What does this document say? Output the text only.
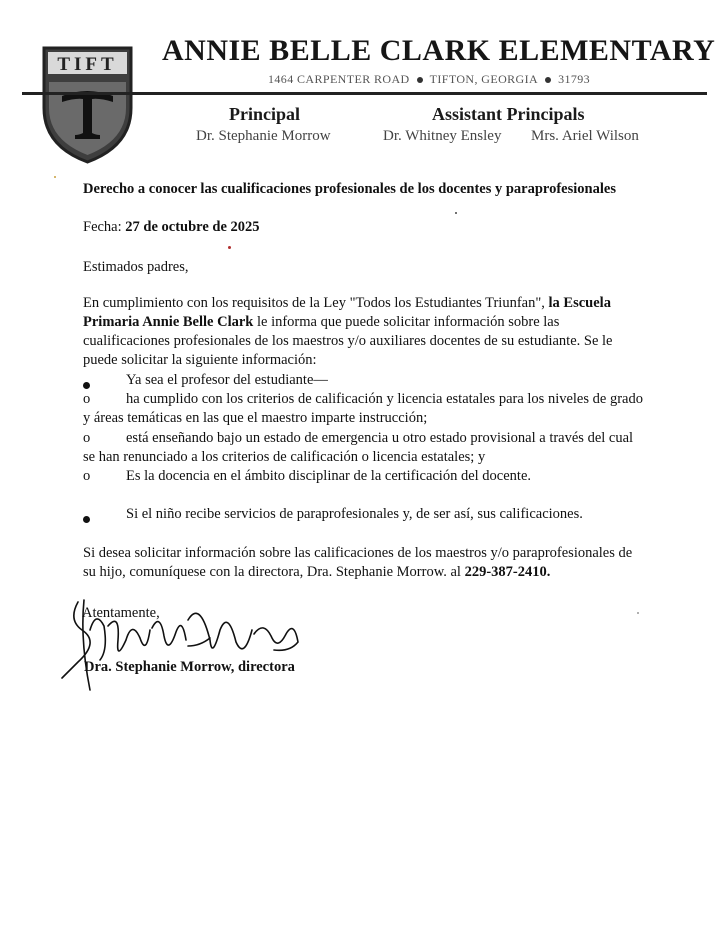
TIFT ANNIE BELLE CLARK ELEMENTARY
1464 CARPENTER ROAD TIFTON, GEORGIA 31793
Principal
Dr. Stephanie Morrow
Assistant Principals
Dr. Whitney Ensley Mrs. Ariel Wilson
Derecho a conocer las cualificaciones profesionales de los docentes y paraprofesionales
Fecha: 27 de octubre de 2025
Estimados padres,
En cumplimiento con los requisitos de la Ley "Todos los Estudiantes Triunfan", la Escuela Primaria Annie Belle Clark le informa que puede solicitar información sobre las cualificaciones profesionales de los maestros y/o auxiliares docentes de su estudiante. Se le puede solicitar la siguiente información:
Ya sea el profesor del estudiante—
o	ha cumplido con los criterios de calificación y licencia estatales para los niveles de grado y áreas temáticas en las que el maestro imparte instrucción;
o	está enseñando bajo un estado de emergencia u otro estado provisional a través del cual se han renunciado a los criterios de calificación o licencia estatales; y
o	Es la docencia en el ámbito disciplinar de la certificación del docente.
Si el niño recibe servicios de paraprofesionales y, de ser así, sus calificaciones.
Si desea solicitar información sobre las calificaciones de los maestros y/o paraprofesionales de su hijo, comuníquese con la directora, Dra. Stephanie Morrow. al 229-387-2410.
Atentamente,
Dra. Stephanie Morrow, directora
